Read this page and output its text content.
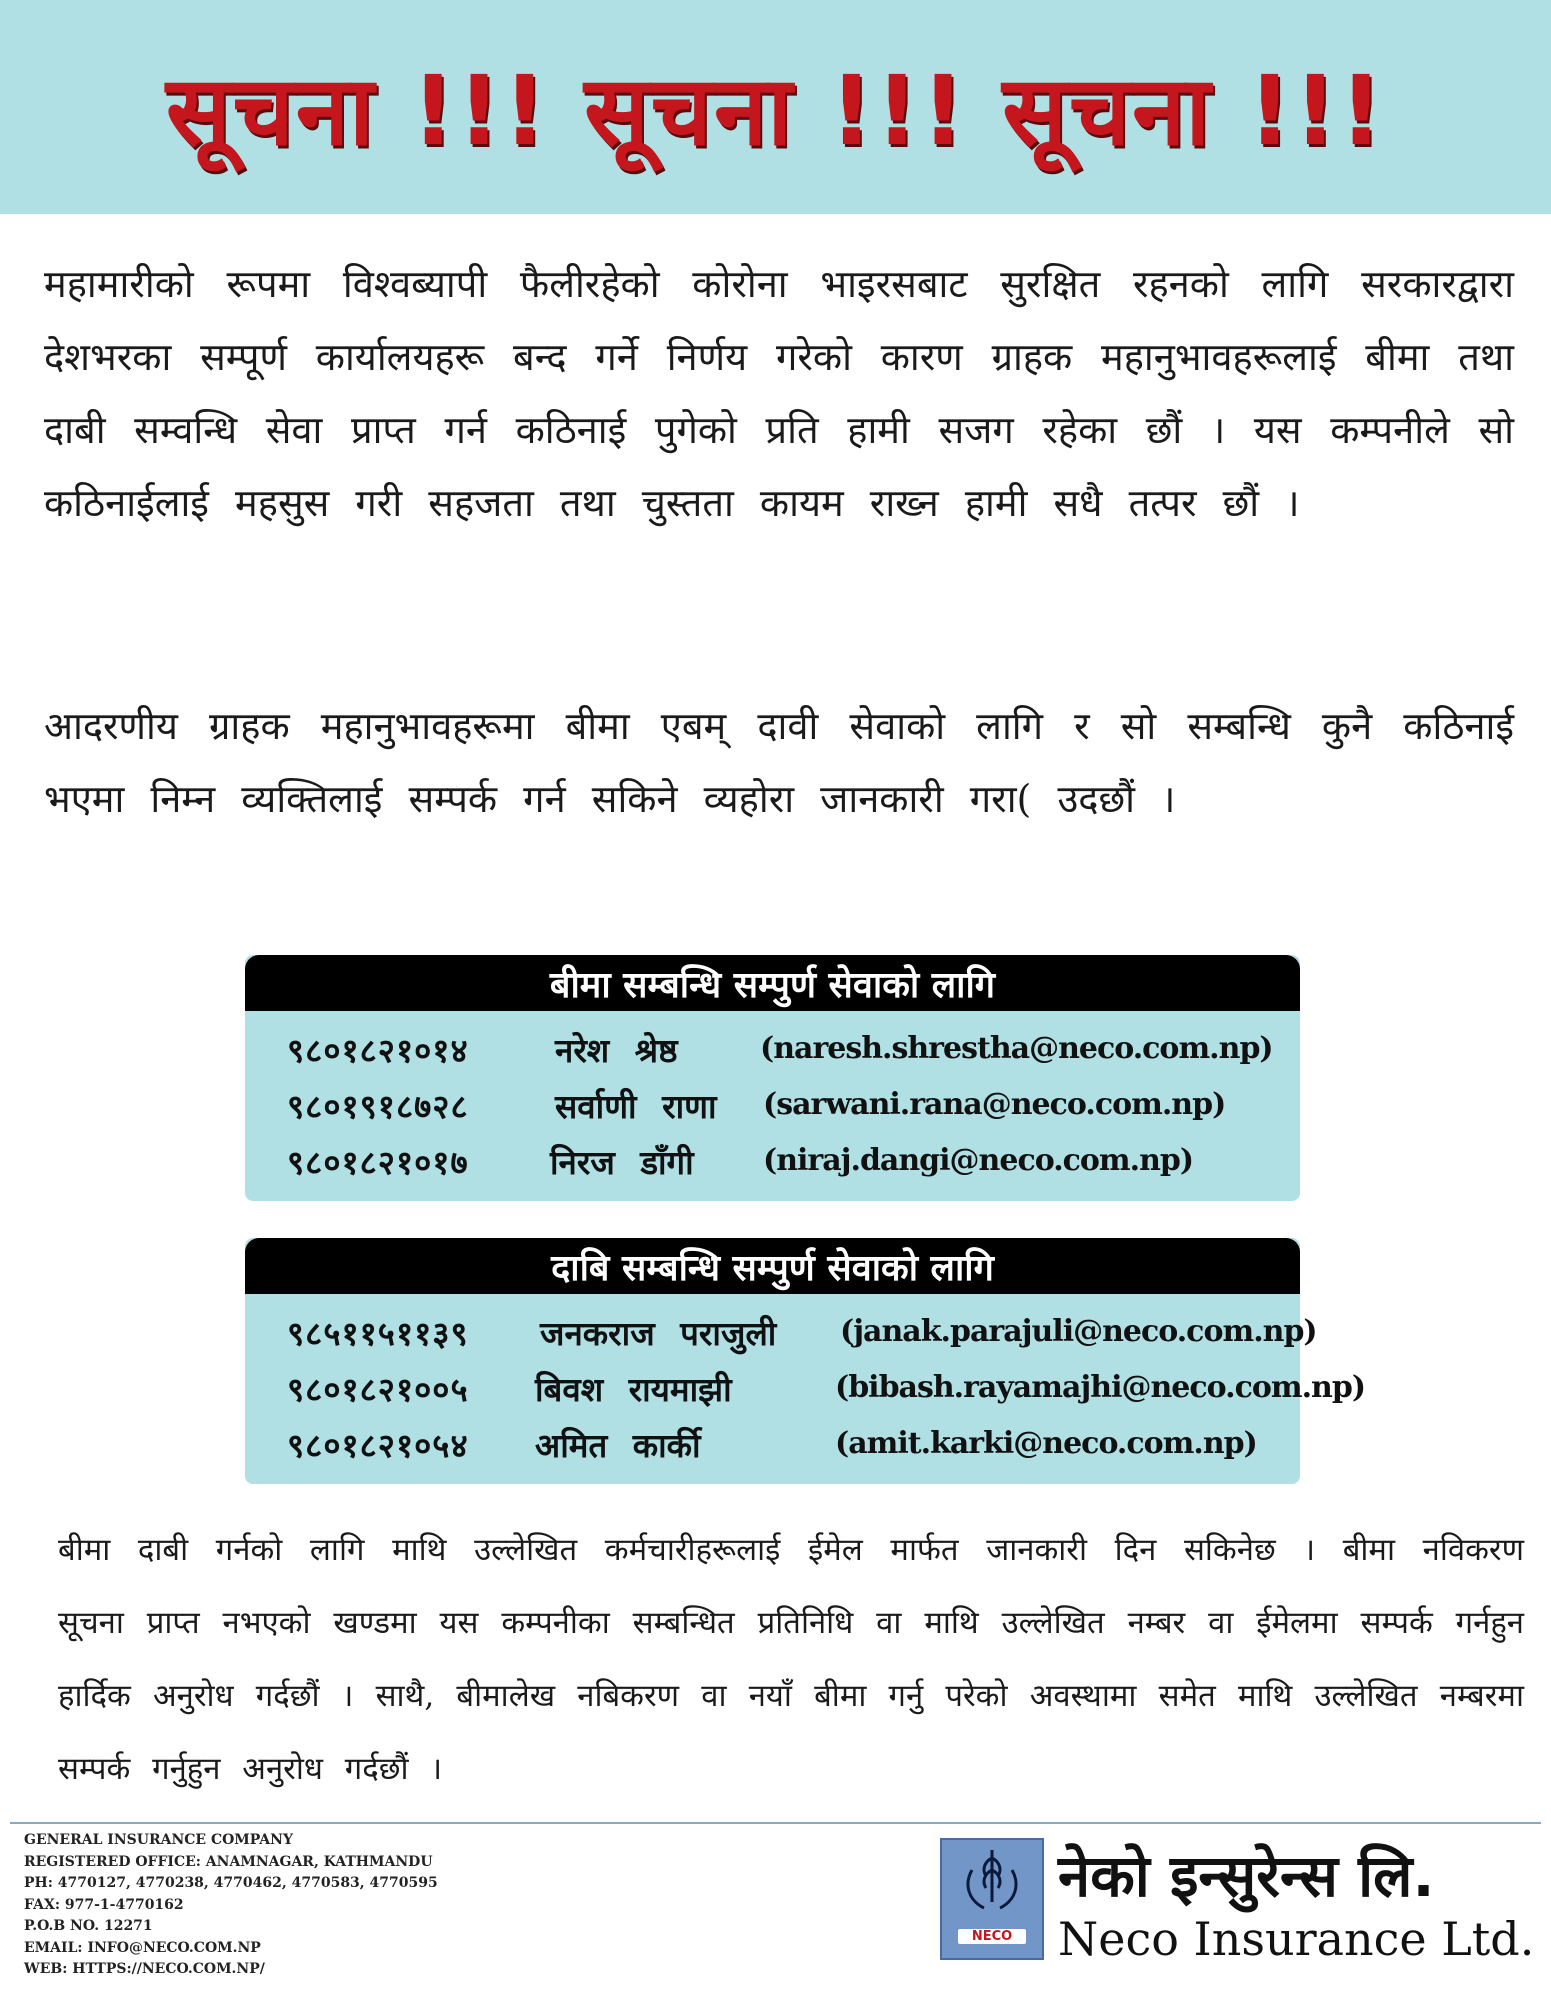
सूचना !!! सूचना !!! सूचना !!!
महामारीको रूपमा विश्वब्यापी फैलीरहेको कोरोना भाइरसबाट सुरक्षित रहनको लागि सरकारद्वारा देशभरका सम्पूर्ण कार्यालयहरू बन्द गर्ने निर्णय गरेको कारण ग्राहक महानुभावहरूलाई बीमा तथा दाबी सम्वन्धि सेवा प्राप्त गर्न कठिनाई पुगेको प्रति हामी सजग रहेका छौं । यस कम्पनीले सो कठिनाईलाई महसुस गरी सहजता तथा चुस्तता कायम राख्न हामी सधै तत्पर छौं ।
आदरणीय ग्राहक महानुभावहरूमा बीमा एबम् दावी सेवाको लागि र सो सम्बन्धि कुनै कठिनाई भएमा निम्न व्यक्तिलाई सम्पर्क गर्न सकिने व्यहोरा जानकारी गरा( उदछौं ।
बीमा सम्बन्धि सम्पुर्ण सेवाको लागि
९८०१८२१०१४	नरेश श्रेष्ठ	(naresh.shrestha@neco.com.np)
९८०१९१८७२८	सर्वाणी राणा (sarwani.rana@neco.com.np)
९८०१८२१०१७ निरज डाँगी (niraj.dangi@neco.com.np)
दाबि सम्बन्धि सम्पुर्ण सेवाको लागि
९८५११५११३९ जनकराज पराजुली (janak.parajuli@neco.com.np)
९८०१८२१००५ बिवश रायमाझी	(bibash.rayamajhi@neco.com.np)
९८०१८२१०५४ अमित कार्की	(amit.karki@neco.com.np)
बीमा दाबी गर्नको लागि माथि उल्लेखित कर्मचारीहरूलाई ईमेल मार्फत जानकारी दिन सकिनेछ । बीमा नविकरण सूचना प्राप्त नभएको खण्डमा यस कम्पनीका सम्बन्धित प्रतिनिधि वा माथि उल्लेखित नम्बर वा ईमेलमा सम्पर्क गर्नहुन हार्दिक अनुरोध गर्दछौं । साथै, बीमालेख नबिकरण वा नयाँ बीमा गर्नु परेको अवस्थामा समेत माथि उल्लेखित नम्बरमा सम्पर्क गर्नुहुन अनुरोध गर्दछौं ।
GENERAL INSURANCE COMPANY
REGISTERED OFFICE: ANAMNAGAR, KATHMANDU
PH: 4770127, 4770238, 4770462, 4770583, 4770595
FAX: 977-1-4770162
P.O.B NO. 12271
EMAIL: INFO@NECO.COM.NP
WEB: HTTPS://NECO.COM.NP/
NECO
नेको इन्सुरेन्स लि.
Neco Insurance Ltd.
